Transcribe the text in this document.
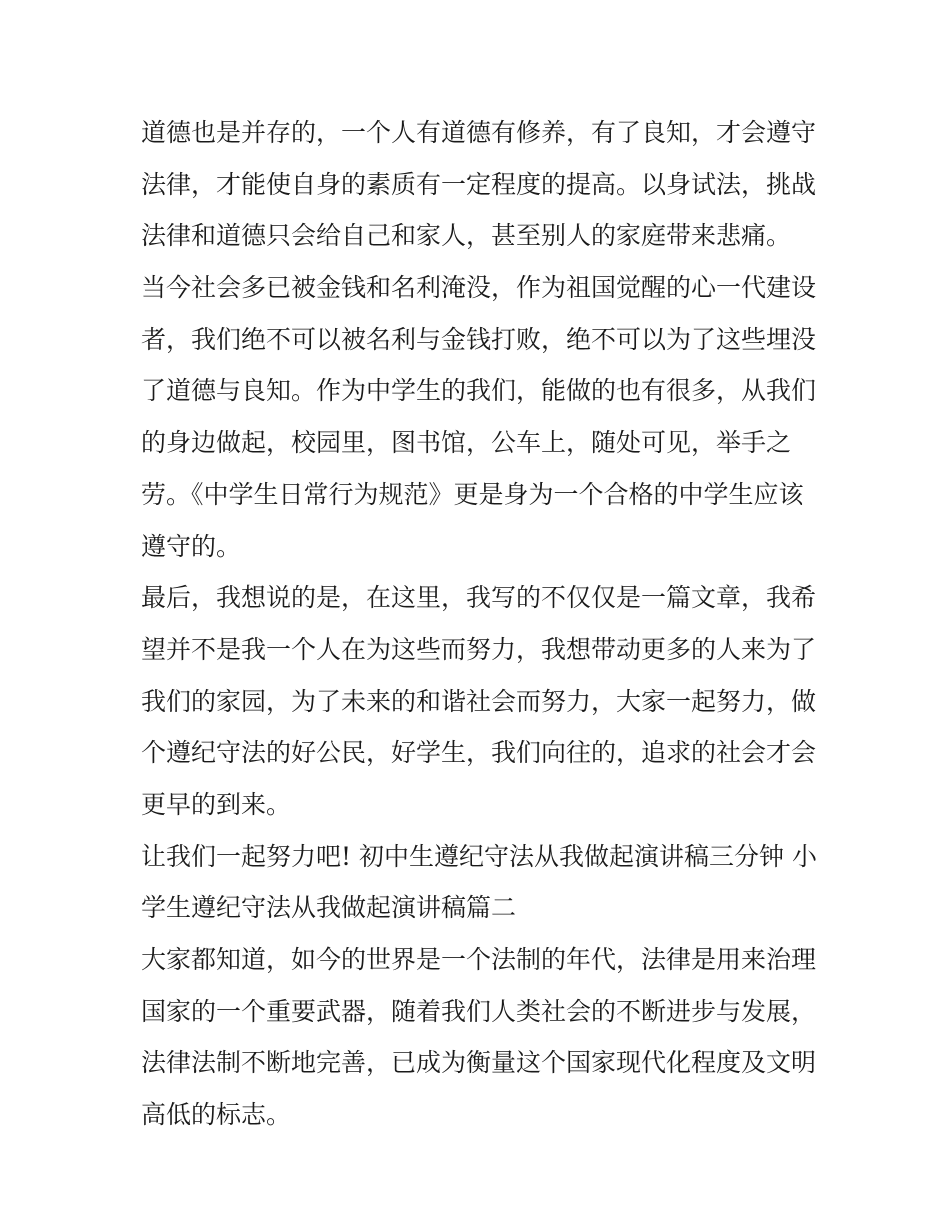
道德也是并存的，一个人有道德有修养，有了良知，才会遵守
法律，才能使自身的素质有一定程度的提高。以身试法，挑战
法律和道德只会给自己和家人，甚至别人的家庭带来悲痛。

当今社会多已被金钱和名利淹没，作为祖国觉醒的心一代建设
者，我们绝不可以被名利与金钱打败，绝不可以为了这些埋没
了道德与良知。作为中学生的我们，能做的也有很多，从我们
的身边做起，校园里，图书馆，公车上，随处可见，举手之
劳。《中学生日常行为规范》更是身为一个合格的中学生应该
遵守的。

最后，我想说的是，在这里，我写的不仅仅是一篇文章，我希
望并不是我一个人在为这些而努力，我想带动更多的人来为了
我们的家园，为了未来的和谐社会而努力，大家一起努力，做
个遵纪守法的好公民，好学生，我们向往的，追求的社会才会
更早的到来。

让我们一起努力吧! 初中生遵纪守法从我做起演讲稿三分钟 小
学生遵纪守法从我做起演讲稿篇二

大家都知道，如今的世界是一个法制的年代，法律是用来治理
国家的一个重要武器，随着我们人类社会的不断进步与发展，
法律法制不断地完善，已成为衡量这个国家现代化程度及文明
高低的标志。
